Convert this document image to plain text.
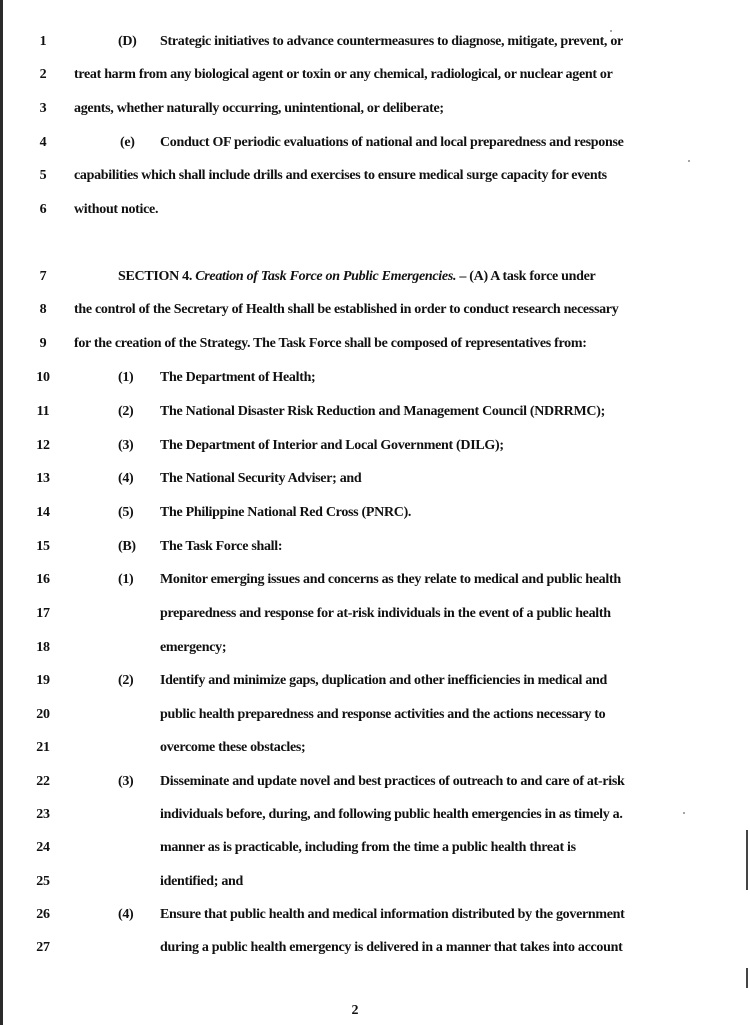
1	(D) Strategic initiatives to advance countermeasures to diagnose, mitigate, prevent, or
2	treat harm from any biological agent or toxin or any chemical, radiological, or nuclear agent or
3	agents, whether naturally occurring, unintentional, or deliberate;
4	(e) Conduct OF periodic evaluations of national and local preparedness and response
5	capabilities which shall include drills and exercises to ensure medical surge capacity for events
6	without notice.
7	SECTION 4. Creation of Task Force on Public Emergencies. – (A) A task force under
8	the control of the Secretary of Health shall be established in order to conduct research necessary
9	for the creation of the Strategy. The Task Force shall be composed of representatives from:
10	(1) The Department of Health;
11	(2) The National Disaster Risk Reduction and Management Council (NDRRMC);
12	(3) The Department of Interior and Local Government (DILG);
13	(4) The National Security Adviser; and
14	(5) The Philippine National Red Cross (PNRC).
15	(B) The Task Force shall:
16	(1) Monitor emerging issues and concerns as they relate to medical and public health
17	preparedness and response for at-risk individuals in the event of a public health
18	emergency;
19	(2) Identify and minimize gaps, duplication and other inefficiencies in medical and
20	public health preparedness and response activities and the actions necessary to
21	overcome these obstacles;
22	(3) Disseminate and update novel and best practices of outreach to and care of at-risk
23	individuals before, during, and following public health emergencies in as timely a.
24	manner as is practicable, including from the time a public health threat is
25	identified; and
26	(4) Ensure that public health and medical information distributed by the government
27	during a public health emergency is delivered in a manner that takes into account
2
